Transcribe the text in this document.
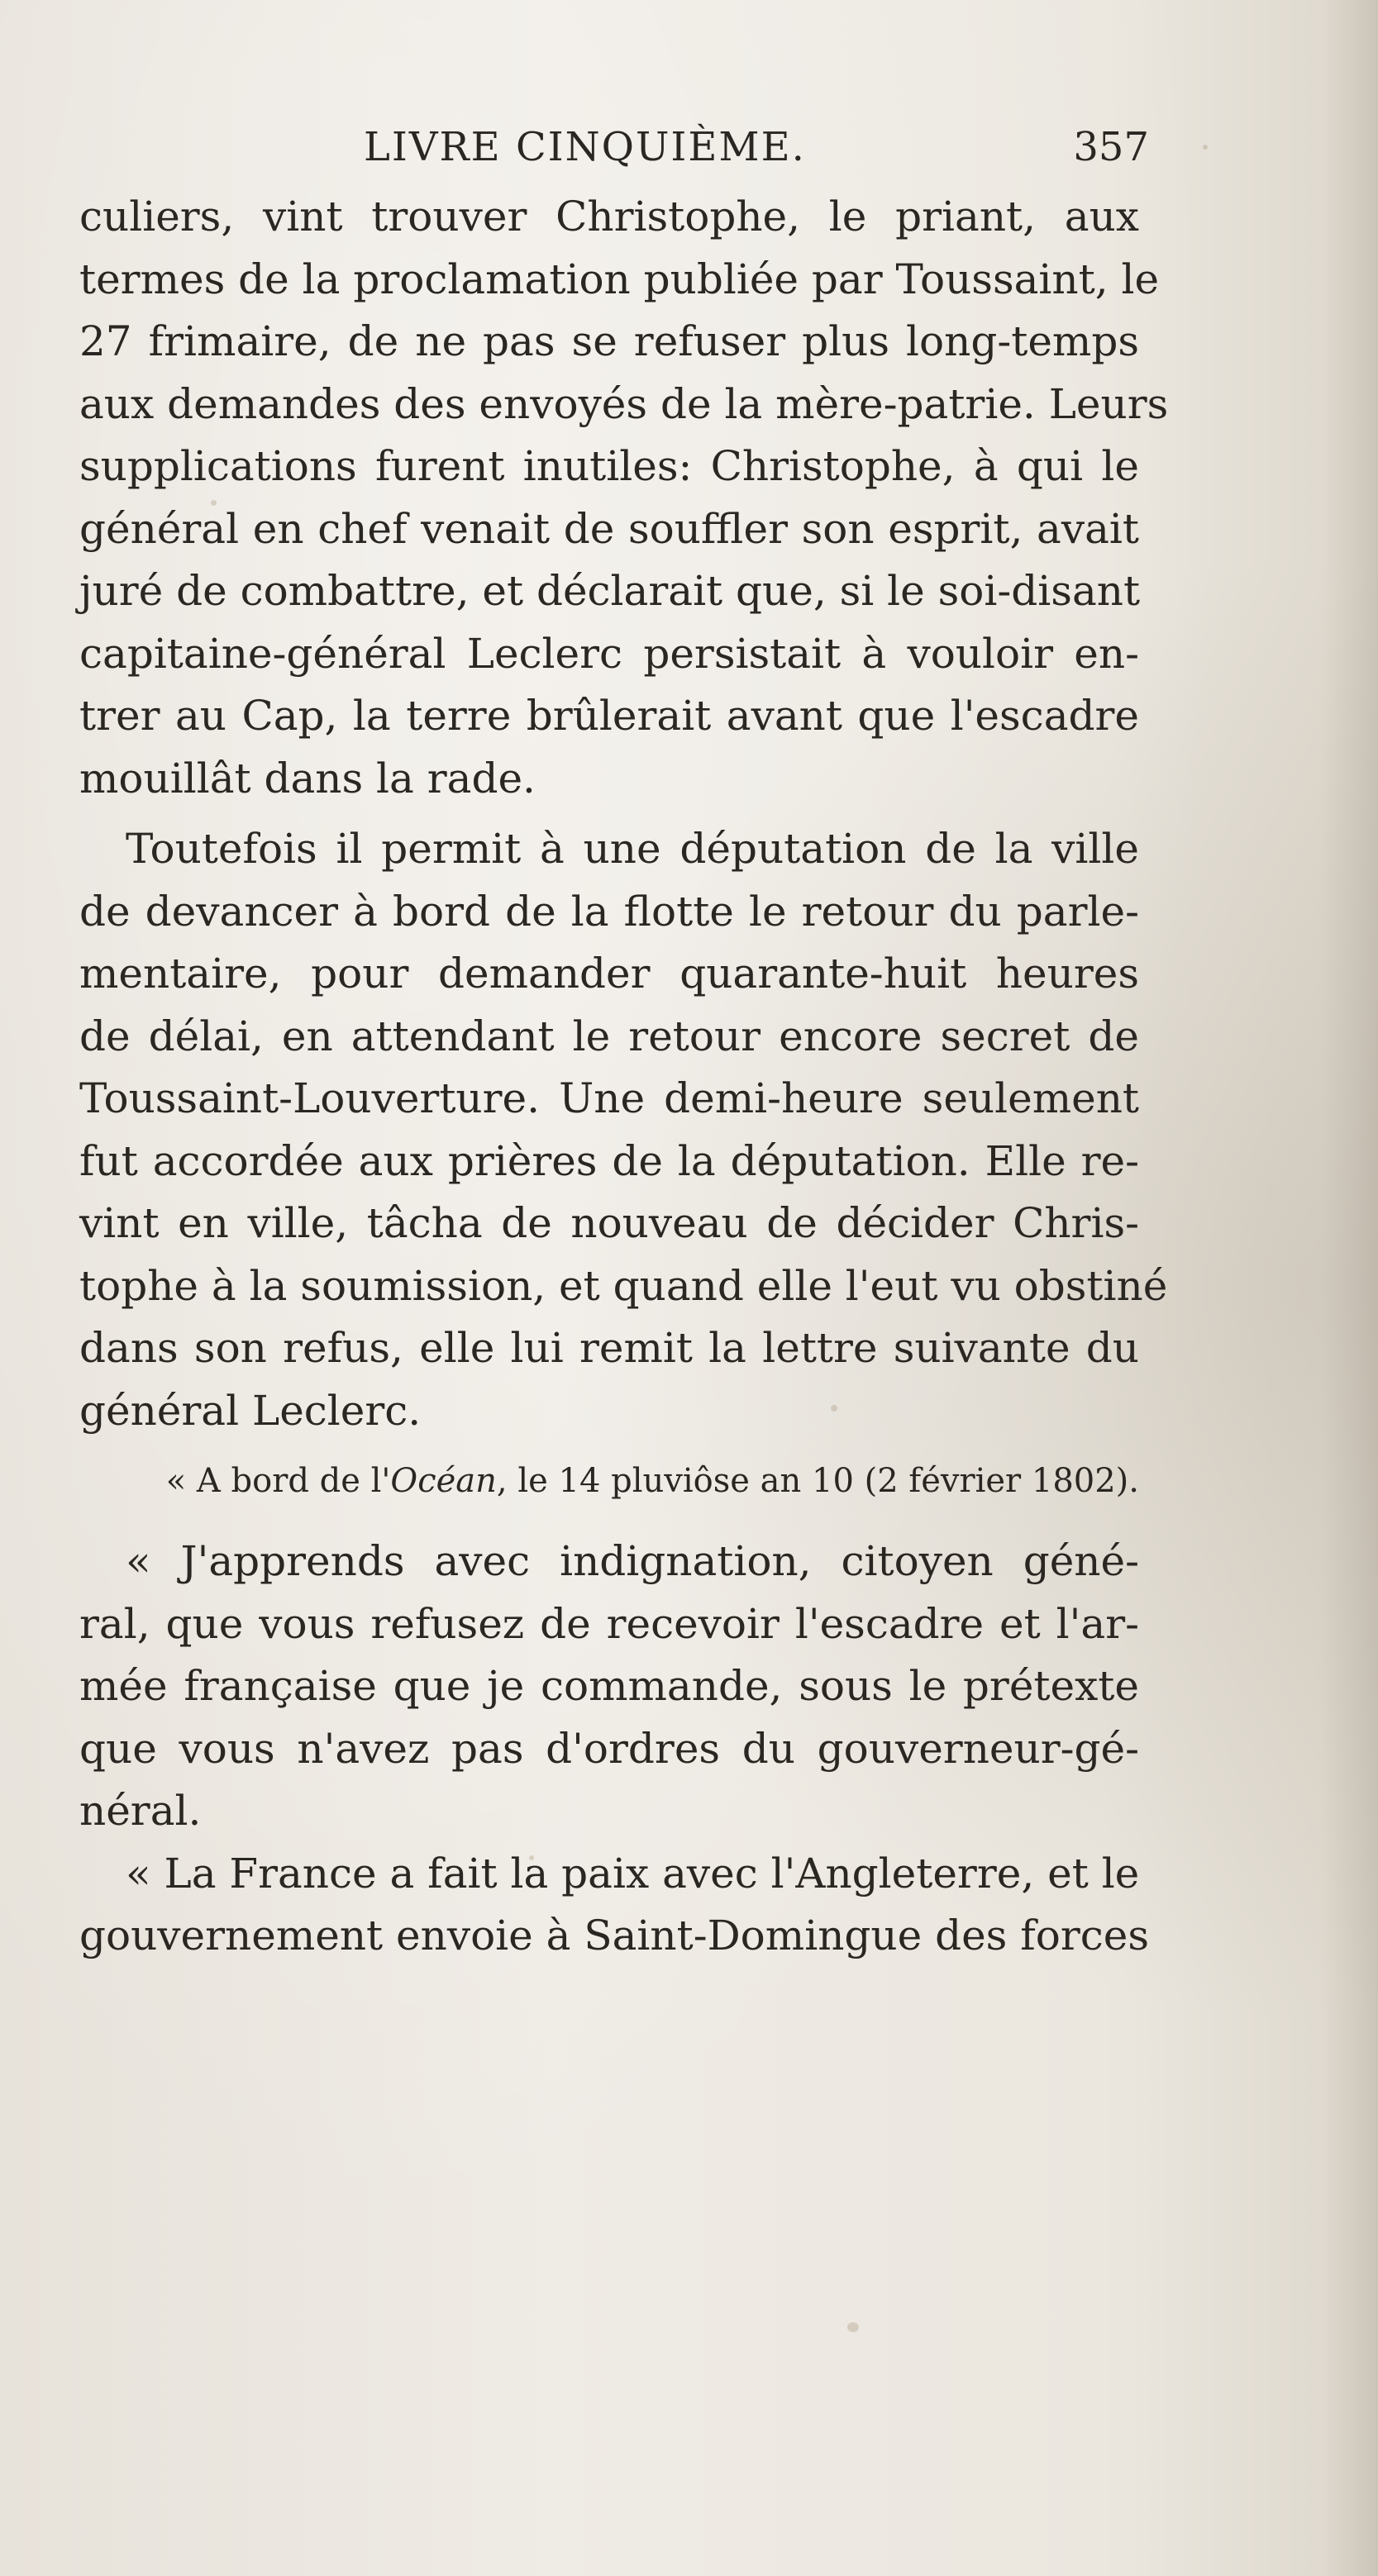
LIVRE CINQUIÈME.	357
culiers, vint trouver Christophe, le priant, aux
termes de la proclamation publiée par Toussaint, le
27 frimaire, de ne pas se refuser plus long-temps
aux demandes des envoyés de la mère-patrie. Leurs
supplications furent inutiles: Christophe, à qui le
général en chef venait de souffler son esprit, avait
juré de combattre, et déclarait que, si le soi-disant
capitaine-général Leclerc persistait à vouloir en-
trer au Cap, la terre brûlerait avant que l'escadre
mouillât dans la rade.
Toutefois il permit à une députation de la ville
de devancer à bord de la flotte le retour du parle-
mentaire, pour demander quarante-huit heures
de délai, en attendant le retour encore secret de
Toussaint-Louverture. Une demi-heure seulement
fut accordée aux prières de la députation. Elle re-
vint en ville, tâcha de nouveau de décider Chris-
tophe à la soumission, et quand elle l'eut vu obstiné
dans son refus, elle lui remit la lettre suivante du
général Leclerc.
« A bord de l'Océan, le 14 pluviôse an 10 (2 février 1802).
« J'apprends avec indignation, citoyen géné-
ral, que vous refusez de recevoir l'escadre et l'ar-
mée française que je commande, sous le prétexte
que vous n'avez pas d'ordres du gouverneur-gé-
néral.
« La France a fait la paix avec l'Angleterre, et le
gouvernement envoie à Saint-Domingue des forces
